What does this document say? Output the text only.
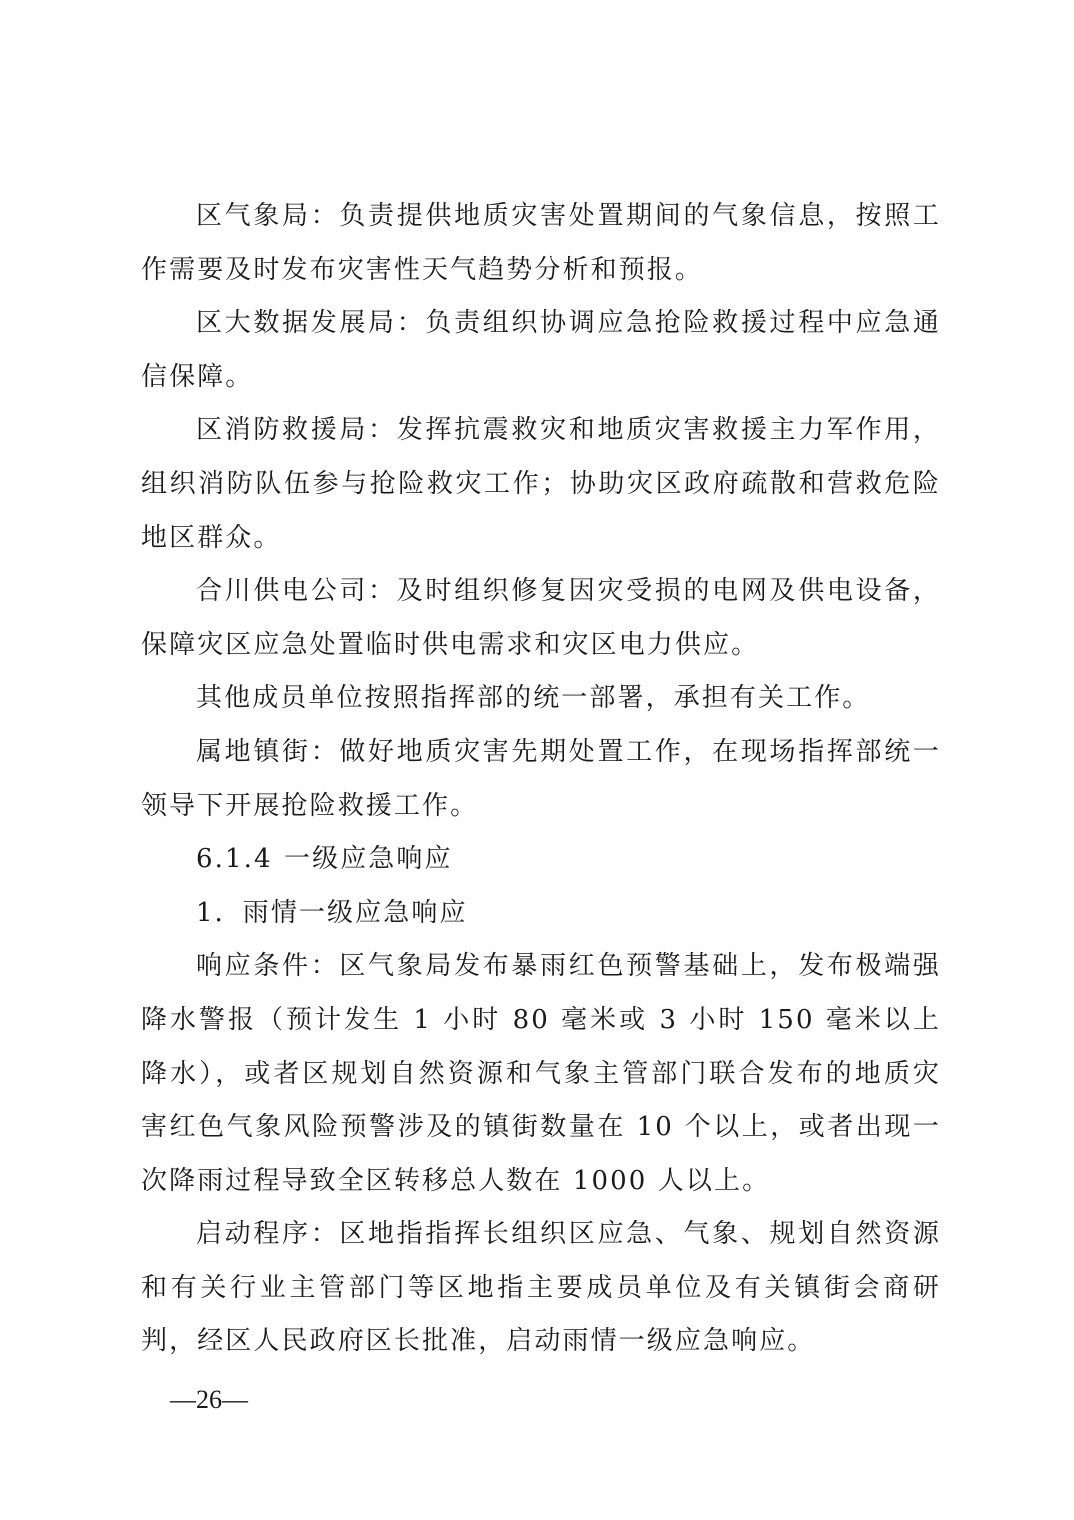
区气象局：负责提供地质灾害处置期间的气象信息，按照工作需要及时发布灾害性天气趋势分析和预报。

区大数据发展局：负责组织协调应急抢险救援过程中应急通信保障。

区消防救援局：发挥抗震救灾和地质灾害救援主力军作用，组织消防队伍参与抢险救灾工作；协助灾区政府疏散和营救危险地区群众。

合川供电公司：及时组织修复因灾受损的电网及供电设备，保障灾区应急处置临时供电需求和灾区电力供应。

其他成员单位按照指挥部的统一部署，承担有关工作。

属地镇街：做好地质灾害先期处置工作，在现场指挥部统一领导下开展抢险救援工作。

6.1.4 一级应急响应

1．雨情一级应急响应

响应条件：区气象局发布暴雨红色预警基础上，发布极端强降水警报（预计发生 1 小时 80 毫米或 3 小时 150 毫米以上降水），或者区规划自然资源和气象主管部门联合发布的地质灾害红色气象风险预警涉及的镇街数量在 10 个以上，或者出现一次降雨过程导致全区转移总人数在 1000 人以上。

启动程序：区地指指挥长组织区应急、气象、规划自然资源和有关行业主管部门等区地指主要成员单位及有关镇街会商研判，经区人民政府区长批准，启动雨情一级应急响应。

—26—
